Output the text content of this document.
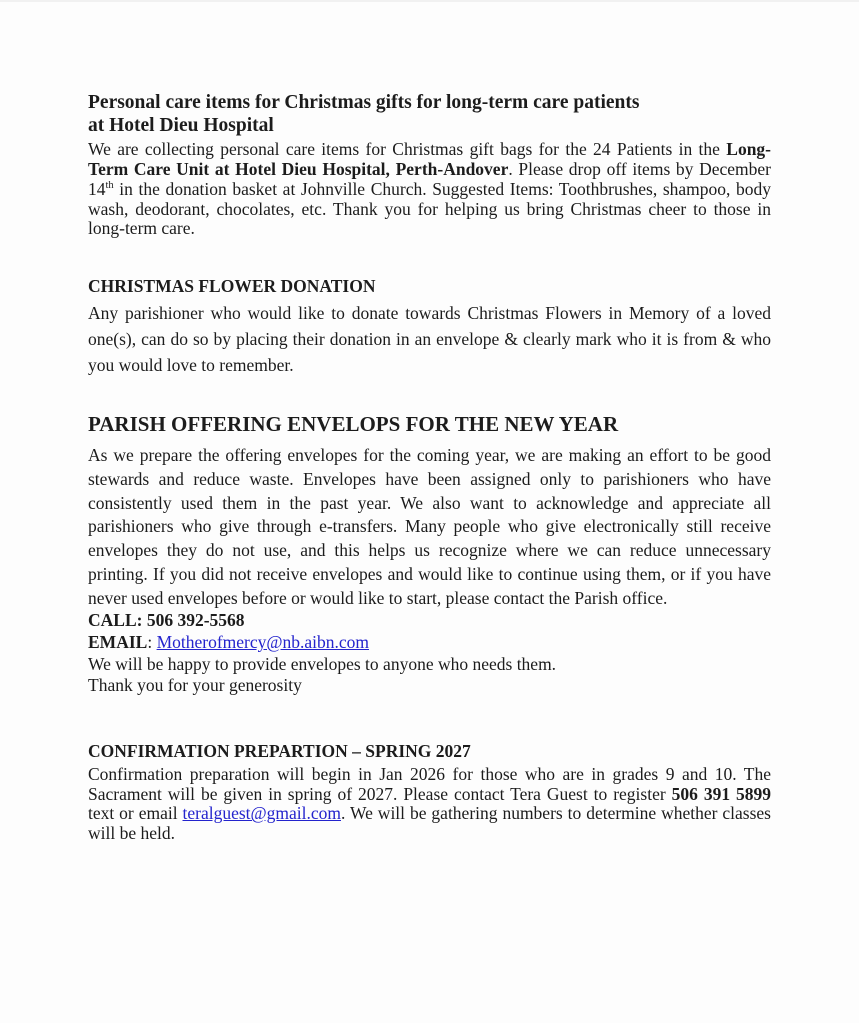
Personal care items for Christmas gifts for long-term care patients
at Hotel Dieu Hospital

We are collecting personal care items for Christmas gift bags for the 24 Patients in the Long-Term Care Unit at Hotel Dieu Hospital, Perth-Andover. Please drop off items by December 14th in the donation basket at Johnville Church. Suggested Items: Toothbrushes, shampoo, body wash, deodorant, chocolates, etc. Thank you for helping us bring Christmas cheer to those in long-term care.

CHRISTMAS FLOWER DONATION

Any parishioner who would like to donate towards Christmas Flowers in Memory of a loved one(s), can do so by placing their donation in an envelope & clearly mark who it is from & who you would love to remember.

PARISH OFFERING ENVELOPS FOR THE NEW YEAR

As we prepare the offering envelopes for the coming year, we are making an effort to be good stewards and reduce waste. Envelopes have been assigned only to parishioners who have consistently used them in the past year. We also want to acknowledge and appreciate all parishioners who give through e-transfers. Many people who give electronically still receive envelopes they do not use, and this helps us recognize where we can reduce unnecessary printing. If you did not receive envelopes and would like to continue using them, or if you have never used envelopes before or would like to start, please contact the Parish office.

CALL: 506 392-5568
EMAIL: Motherofmercy@nb.aibn.com
We will be happy to provide envelopes to anyone who needs them.
Thank you for your generosity
CONFIRMATION PREPARTION – SPRING 2027

Confirmation preparation will begin in Jan 2026 for those who are in grades 9 and 10. The Sacrament will be given in spring of 2027. Please contact Tera Guest to register 506 391 5899 text or email teralguest@gmail.com. We will be gathering numbers to determine whether classes will be held.
